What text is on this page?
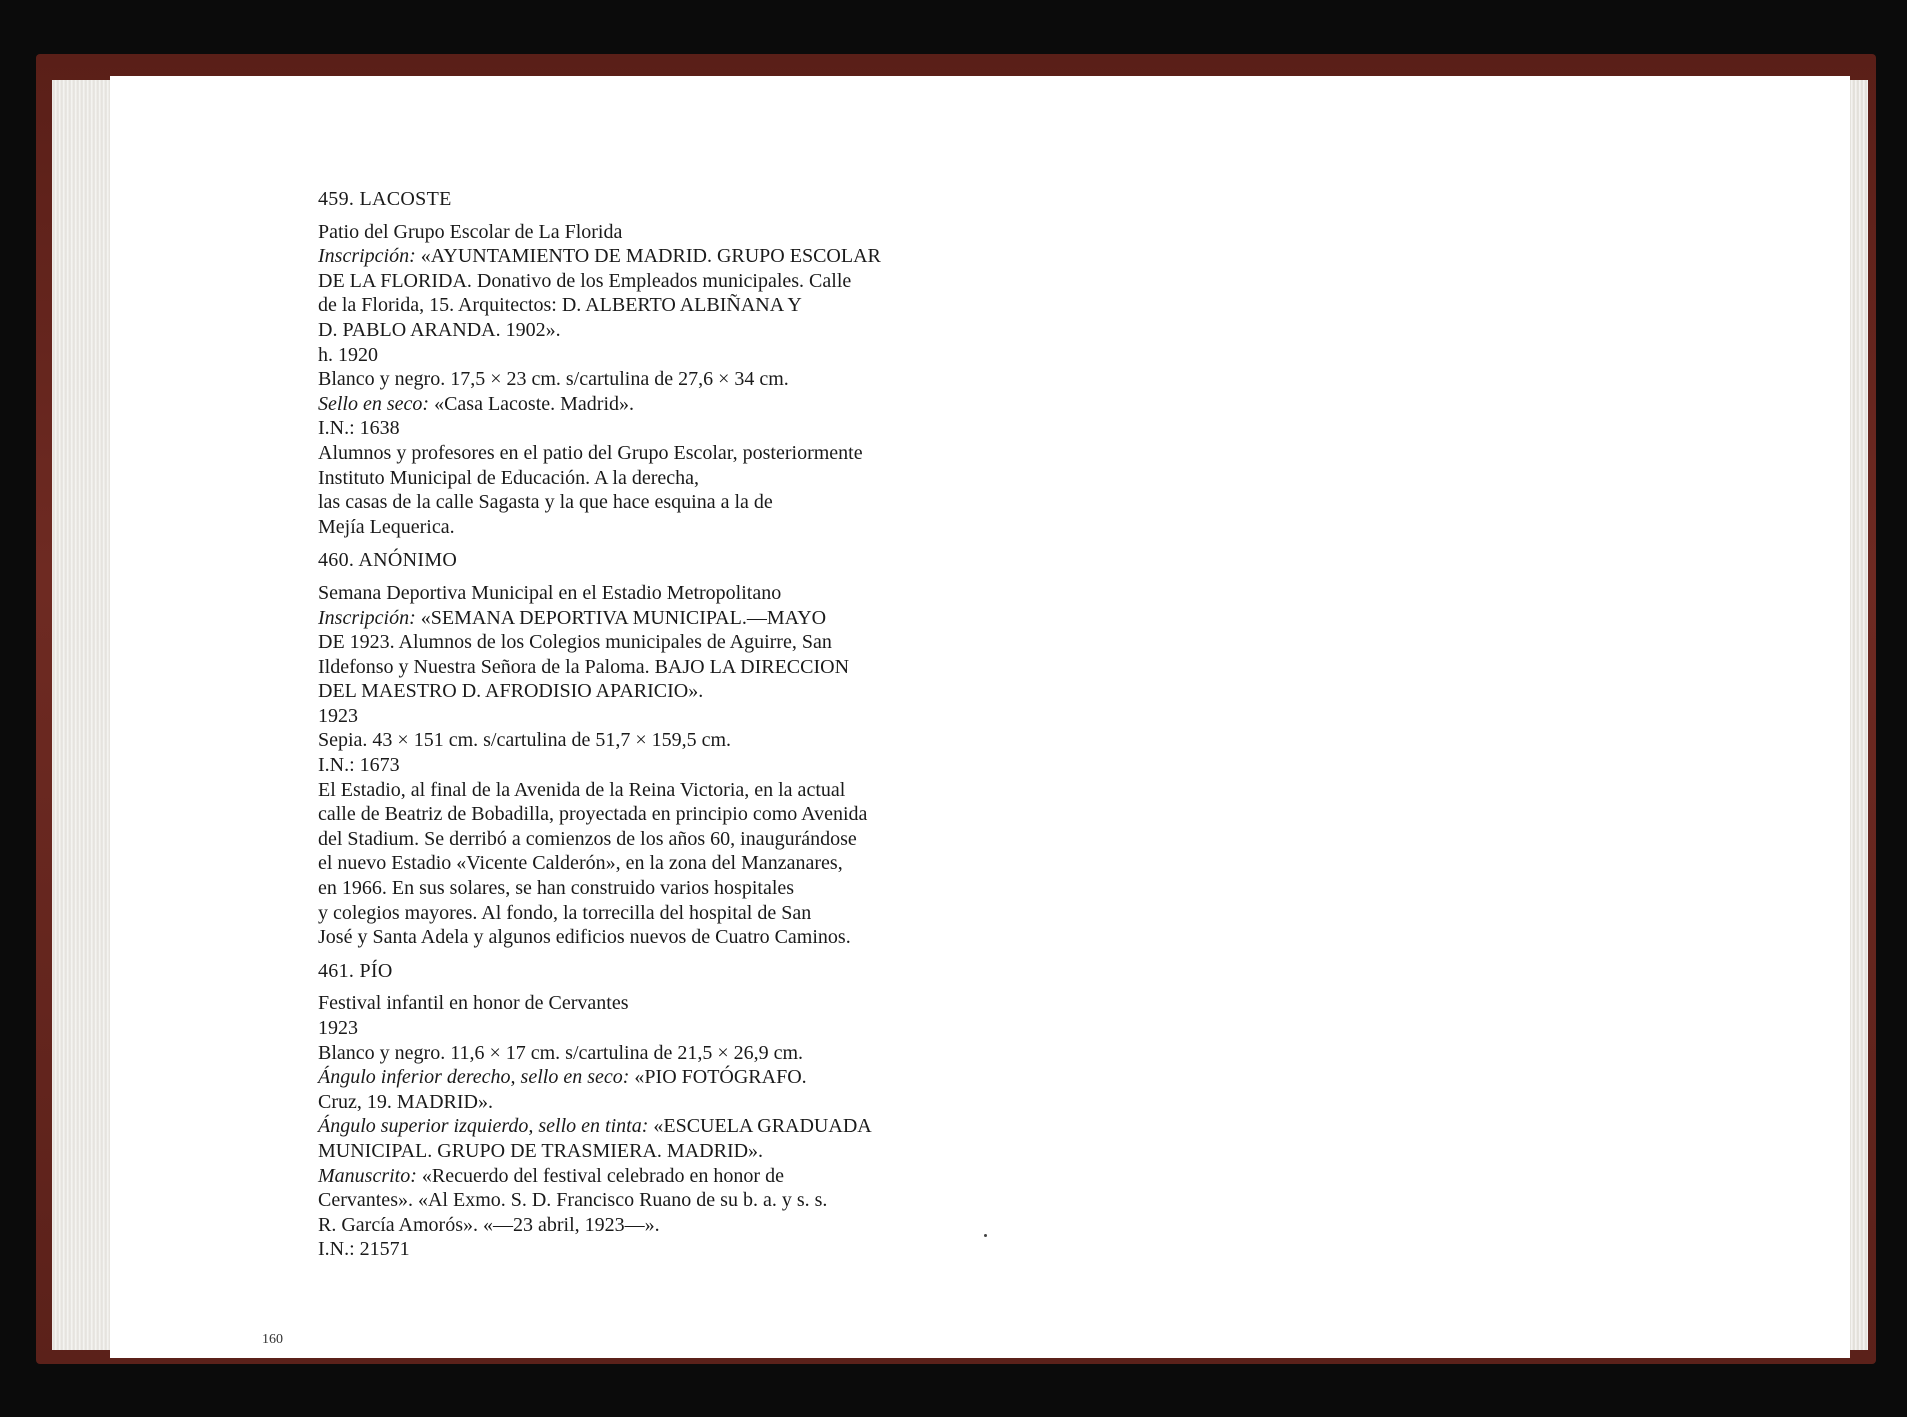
459. LACOSTE
Patio del Grupo Escolar de La Florida
Inscripción: «AYUNTAMIENTO DE MADRID. GRUPO ESCOLAR
DE LA FLORIDA. Donativo de los Empleados municipales. Calle
de la Florida, 15. Arquitectos: D. ALBERTO ALBIÑANA Y
D. PABLO ARANDA. 1902».
h. 1920
Blanco y negro. 17,5 × 23 cm. s/cartulina de 27,6 × 34 cm.
Sello en seco: «Casa Lacoste. Madrid».
I.N.: 1638
Alumnos y profesores en el patio del Grupo Escolar, posteriormente
Instituto Municipal de Educación. A la derecha,
las casas de la calle Sagasta y la que hace esquina a la de
Mejía Lequerica.
460. ANÓNIMO
Semana Deportiva Municipal en el Estadio Metropolitano
Inscripción: «SEMANA DEPORTIVA MUNICIPAL.—MAYO
DE 1923. Alumnos de los Colegios municipales de Aguirre, San
Ildefonso y Nuestra Señora de la Paloma. BAJO LA DIRECCION
DEL MAESTRO D. AFRODISIO APARICIO».
1923
Sepia. 43 × 151 cm. s/cartulina de 51,7 × 159,5 cm.
I.N.: 1673
El Estadio, al final de la Avenida de la Reina Victoria, en la actual
calle de Beatriz de Bobadilla, proyectada en principio como Avenida
del Stadium. Se derribó a comienzos de los años 60, inaugurándose
el nuevo Estadio «Vicente Calderón», en la zona del Manzanares,
en 1966. En sus solares, se han construido varios hospitales
y colegios mayores. Al fondo, la torrecilla del hospital de San
José y Santa Adela y algunos edificios nuevos de Cuatro Caminos.
461. PÍO
Festival infantil en honor de Cervantes
1923
Blanco y negro. 11,6 × 17 cm. s/cartulina de 21,5 × 26,9 cm.
Ángulo inferior derecho, sello en seco: «PIO FOTÓGRAFO.
Cruz, 19. MADRID».
Ángulo superior izquierdo, sello en tinta: «ESCUELA GRADUADA
MUNICIPAL. GRUPO DE TRASMIERA. MADRID».
Manuscrito: «Recuerdo del festival celebrado en honor de
Cervantes». «Al Exmo. S. D. Francisco Ruano de su b. a. y s. s.
R. García Amorós». «—23 abril, 1923—».
I.N.: 21571
160
